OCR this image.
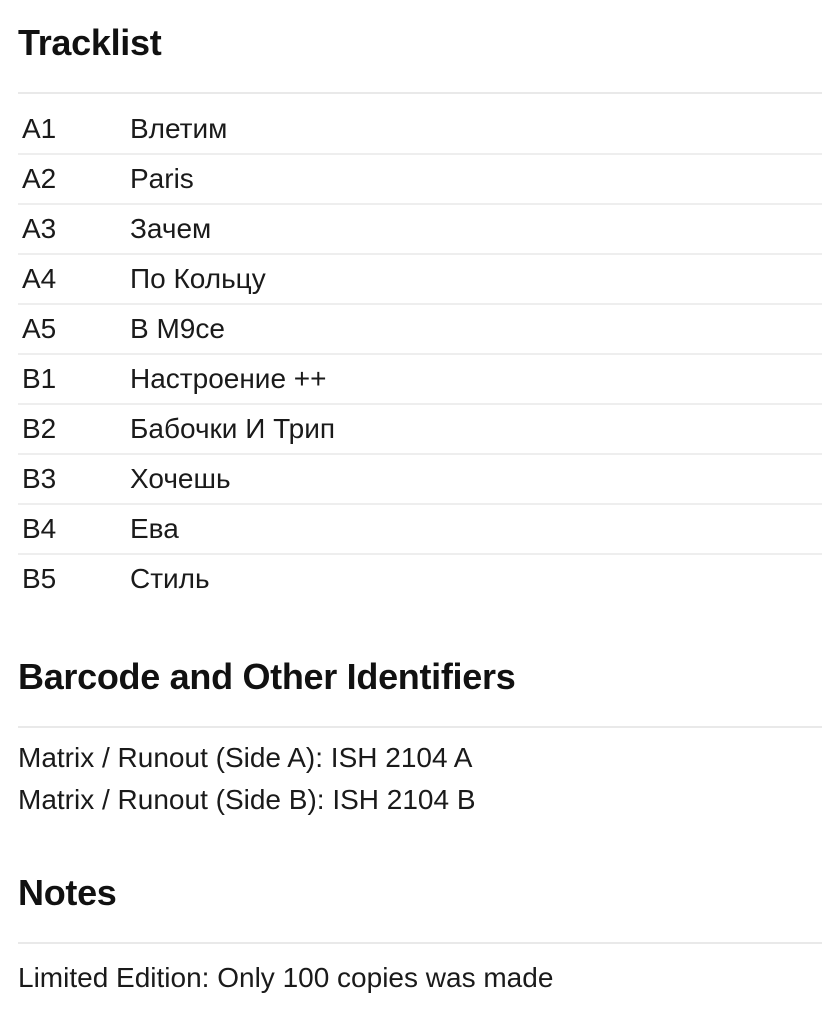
Tracklist
A1	Влетим
A2	Paris
A3	Зачем
A4	По Кольцу
A5	В М9се
B1	Настроение ++
B2	Бабочки И Трип
B3	Хочешь
B4	Ева
B5	Стиль
Barcode and Other Identifiers
Matrix / Runout (Side A): ISH 2104 A
Matrix / Runout (Side B): ISH 2104 B
Notes
Limited Edition: Only 100 copies was made
